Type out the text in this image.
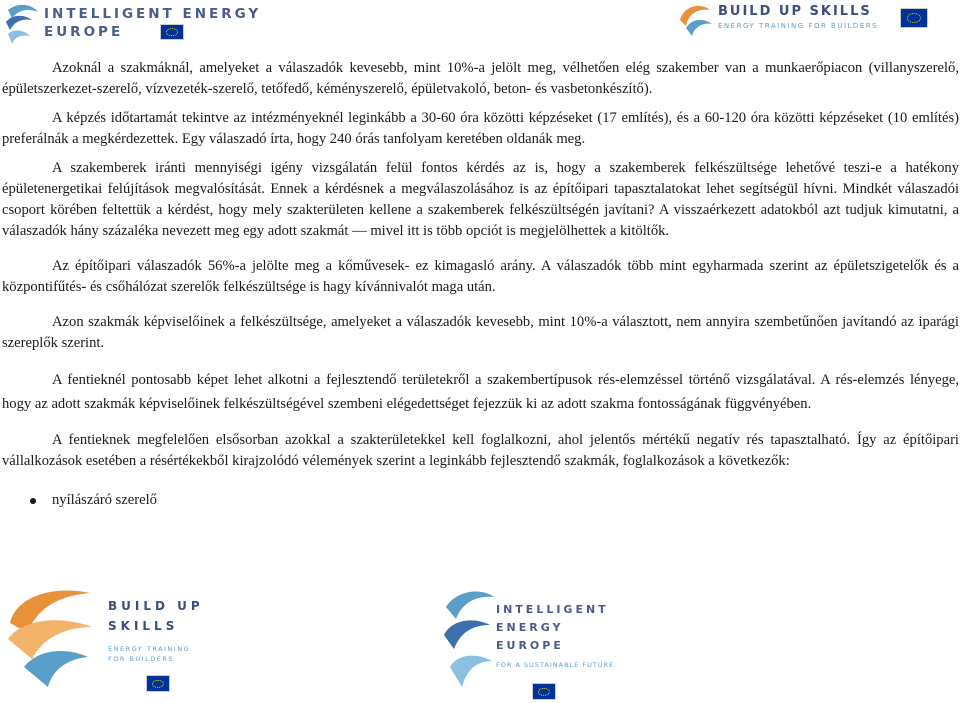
INTELLIGENT ENERGY
EUROPE
BUILD UP SKILLS
ENERGY TRAINING FOR BUILDERS

Azoknál a szakmáknál, amelyeket a válaszadók kevesebb, mint 10%-a jelölt meg, vélhetően elég szakember van a munkaerőpiacon (villanyszerelő, épületszerkezet-szerelő, vízvezeték-szerelő, tetőfedő, kéményszerelő, épületvakoló, beton- és vasbetonkészítő).

A képzés időtartamát tekintve az intézményeknél leginkább a 30-60 óra közötti képzéseket (17 említés), és a 60-120 óra közötti képzéseket (10 említés) preferálnák a megkérdezettek. Egy válaszadó írta, hogy 240 órás tanfolyam keretében oldanák meg.

A szakemberek iránti mennyiségi igény vizsgálatán felül fontos kérdés az is, hogy a szakemberek felkészültsége lehetővé teszi-e a hatékony épületenergetikai felújítások megvalósítását. Ennek a kérdésnek a megválaszolásához is az építőipari tapasztalatokat lehet segítségül hívni. Mindkét válaszadói csoport körében feltettük a kérdést, hogy mely szakterületen kellene a szakemberek felkészültségén javítani? A visszaérkezett adatokból azt tudjuk kimutatni, a válaszadók hány százaléka nevezett meg egy adott szakmát — mivel itt is több opciót is megjelölhettek a kitöltők.

Az építőipari válaszadók 56%-a jelölte meg a kőművesek- ez kimagasló arány. A válaszadók több mint egyharmada szerint az épületszigetelők és a központifűtés- és csőhálózat szerelők felkészültsége is hagy kívánnivalót maga után.

Azon szakmák képviselőinek a felkészültsége, amelyeket a válaszadók kevesebb, mint 10%-a választott, nem annyira szembetűnően javítandó az iparági szereplők szerint.

A fentieknél pontosabb képet lehet alkotni a fejlesztendő területekről a szakembertípusok rés-elemzéssel történő vizsgálatával. A rés-elemzés lényege, hogy az adott szakmák képviselőinek felkészültségével szembeni elégedettséget fejezzük ki az adott szakma fontosságának függvényében.

A fentieknek megfelelően elsősorban azokkal a szakterületekkel kell foglalkozni, ahol jelentős mértékű negatív rés tapasztalható. Így az építőipari vállalkozások esetében a résértékekből kirajzolódó vélemények szerint a leginkább fejlesztendő szakmák, foglalkozások a következők:

nyílászáró szerelő
BUILD UP
SKILLS
ENERGY TRAINING
FOR BUILDERS
INTELLIGENT
ENERGY
EUROPE
FOR A SUSTAINABLE FUTURE
